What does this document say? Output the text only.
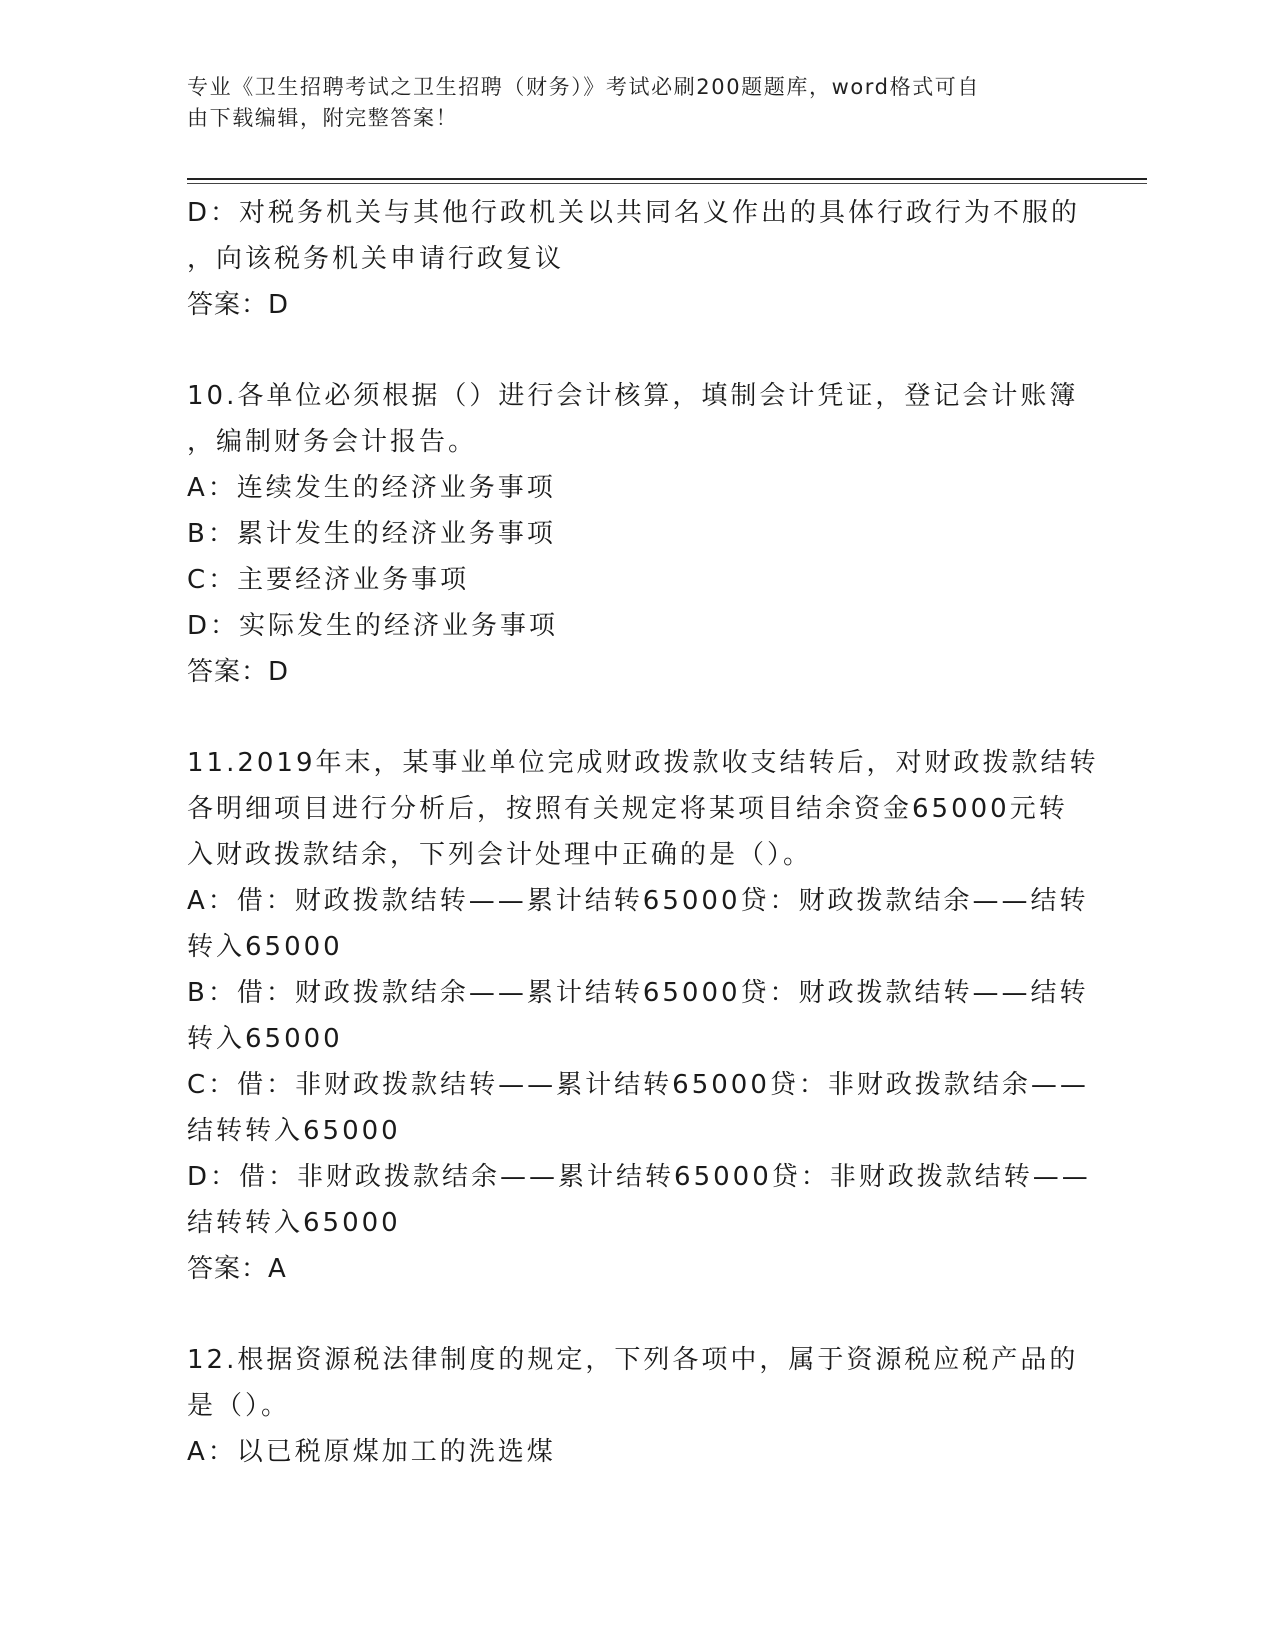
专业《卫生招聘考试之卫生招聘（财务）》考试必刷200题题库，word格式可自
由下载编辑，附完整答案！
D：对税务机关与其他行政机关以共同名义作出的具体行政行为不服的
，向该税务机关申请行政复议
答案：D
10.各单位必须根据（）进行会计核算，填制会计凭证，登记会计账簿
，编制财务会计报告。
A：连续发生的经济业务事项
B：累计发生的经济业务事项
C：主要经济业务事项
D：实际发生的经济业务事项
答案：D
11.2019年末，某事业单位完成财政拨款收支结转后，对财政拨款结转
各明细项目进行分析后，按照有关规定将某项目结余资金65000元转
入财政拨款结余，下列会计处理中正确的是（）。
A：借：财政拨款结转——累计结转65000贷：财政拨款结余——结转
转入65000
B：借：财政拨款结余——累计结转65000贷：财政拨款结转——结转
转入65000
C：借：非财政拨款结转——累计结转65000贷：非财政拨款结余——
结转转入65000
D：借：非财政拨款结余——累计结转65000贷：非财政拨款结转——
结转转入65000
答案：A
12.根据资源税法律制度的规定，下列各项中，属于资源税应税产品的
是（）。
A：以已税原煤加工的洗选煤
